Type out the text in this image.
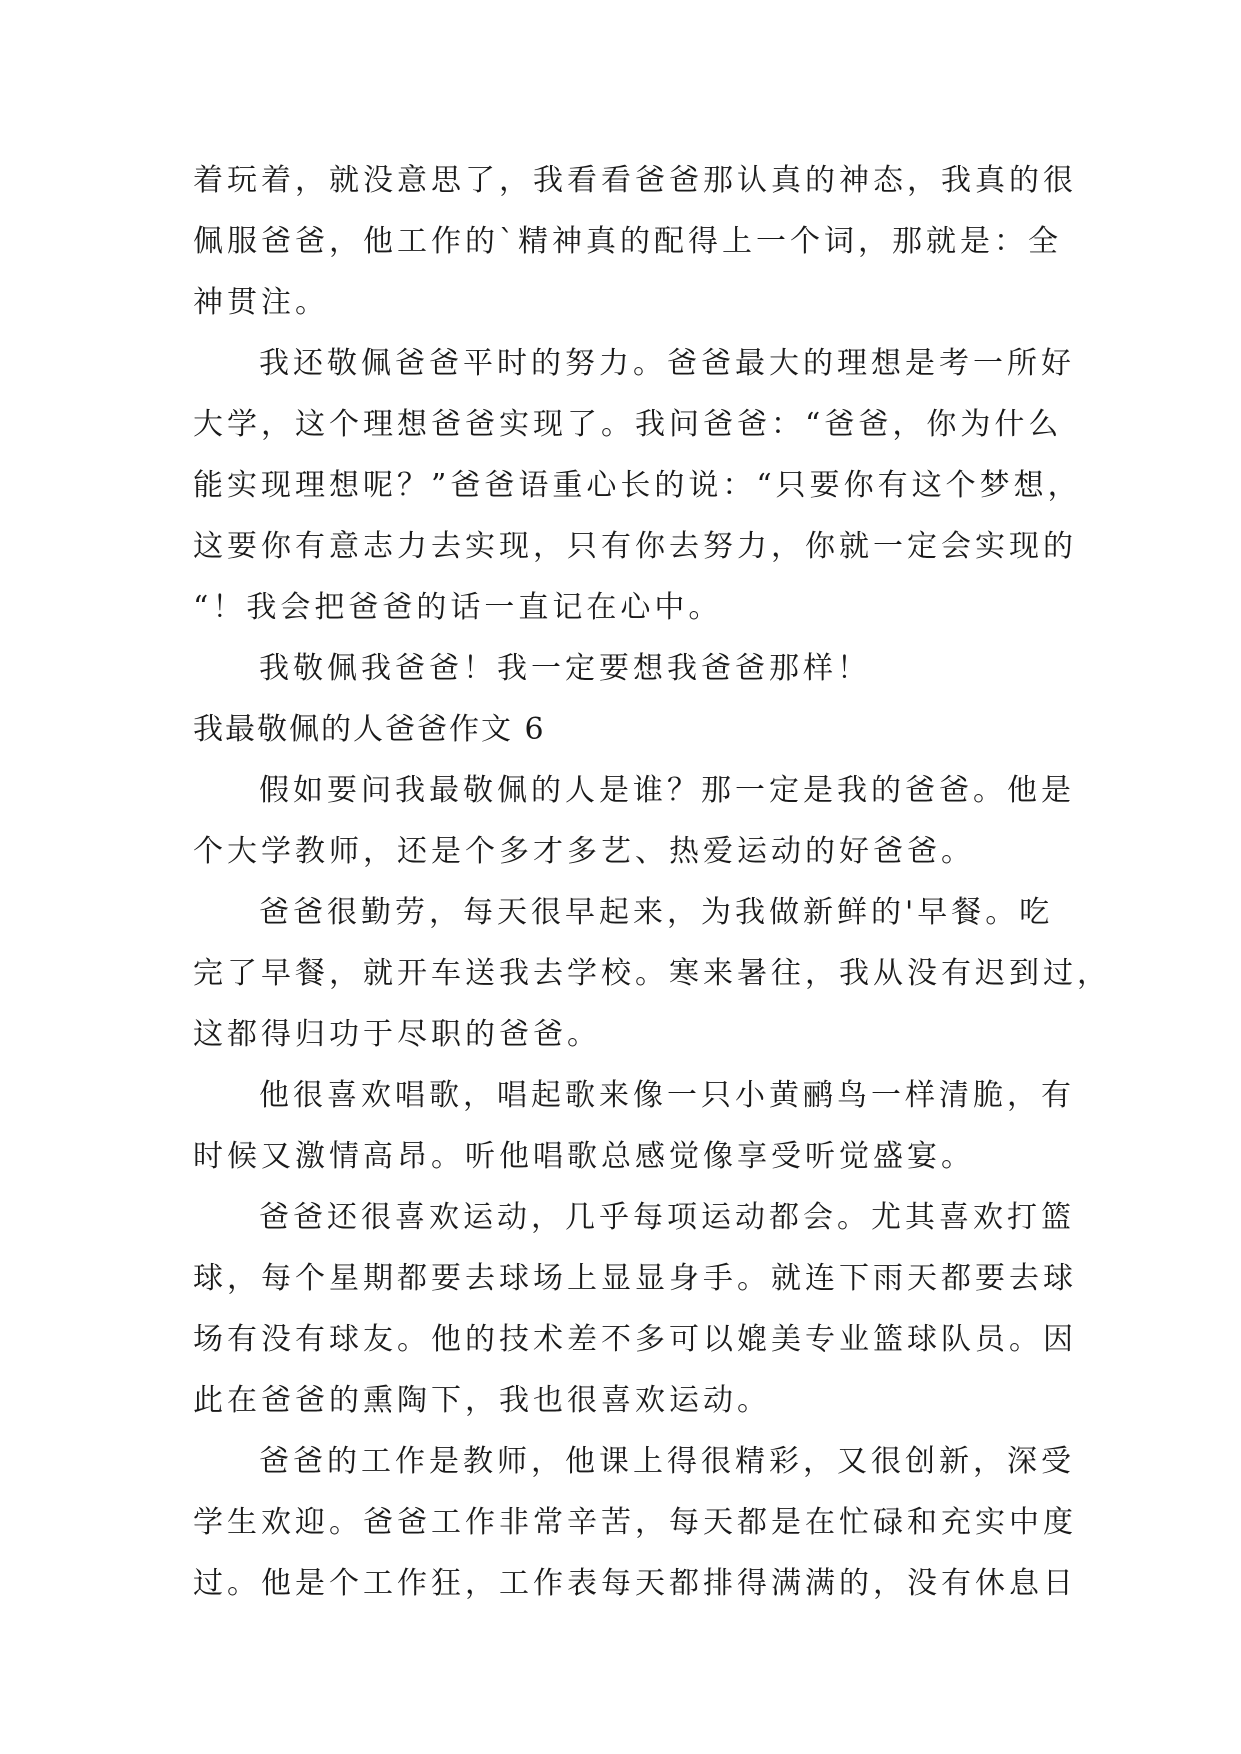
着玩着，就没意思了，我看看爸爸那认真的神态，我真的很
佩服爸爸，他工作的`精神真的配得上一个词，那就是：全
神贯注。
我还敬佩爸爸平时的努力。爸爸最大的理想是考一所好
大学，这个理想爸爸实现了。我问爸爸：“爸爸，你为什么
能实现理想呢？”爸爸语重心长的说：“只要你有这个梦想，
这要你有意志力去实现，只有你去努力，你就一定会实现的
“！我会把爸爸的话一直记在心中。
我敬佩我爸爸！我一定要想我爸爸那样！
我最敬佩的人爸爸作文 6
假如要问我最敬佩的人是谁？那一定是我的爸爸。他是
个大学教师，还是个多才多艺、热爱运动的好爸爸。
爸爸很勤劳，每天很早起来，为我做新鲜的'早餐。吃
完了早餐，就开车送我去学校。寒来暑往，我从没有迟到过，
这都得归功于尽职的爸爸。
他很喜欢唱歌，唱起歌来像一只小黄鹂鸟一样清脆，有
时候又激情高昂。听他唱歌总感觉像享受听觉盛宴。
爸爸还很喜欢运动，几乎每项运动都会。尤其喜欢打篮
球，每个星期都要去球场上显显身手。就连下雨天都要去球
场有没有球友。他的技术差不多可以媲美专业篮球队员。因
此在爸爸的熏陶下，我也很喜欢运动。
爸爸的工作是教师，他课上得很精彩，又很创新，深受
学生欢迎。爸爸工作非常辛苦，每天都是在忙碌和充实中度
过。他是个工作狂，工作表每天都排得满满的，没有休息日
